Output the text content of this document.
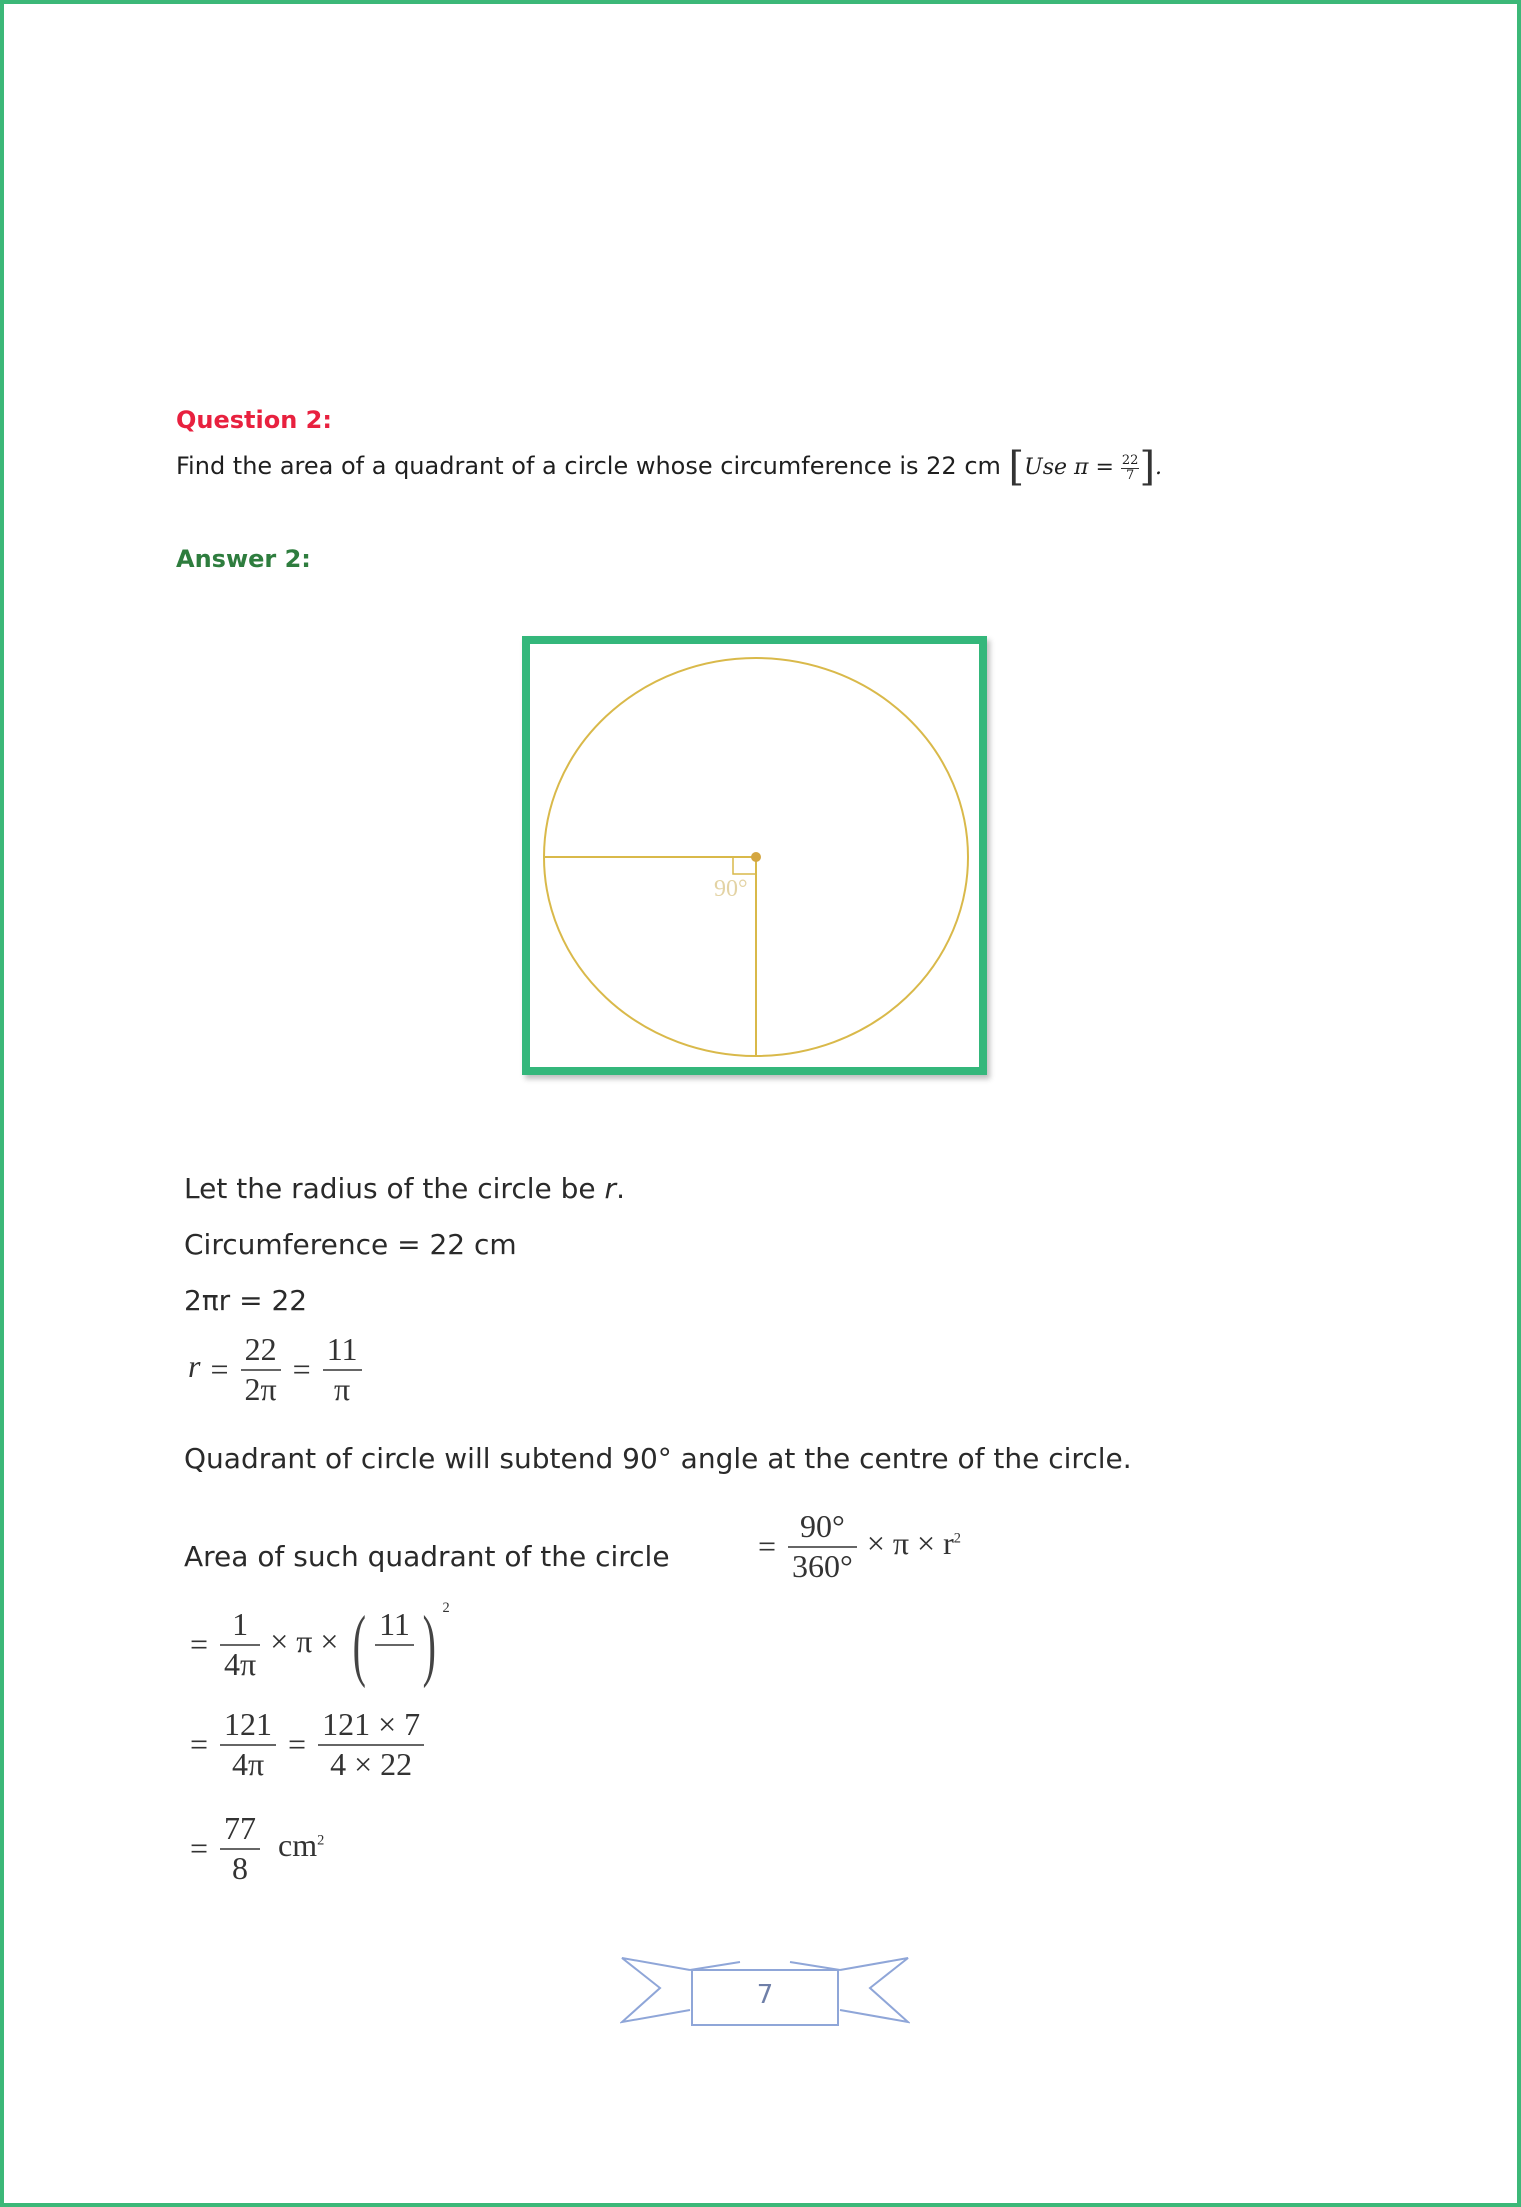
Question 2:
Find the area of a quadrant of a circle whose circumference is 22 cm [Use $\pi = \frac{22}{7}$ ].
Answer 2:
90°
Let the radius of the circle be r.
Circumference = 22 cm
2πr = 22
$r = \frac{22}{2\pi} = \frac{11}{\pi}$
Quadrant of circle will subtend 90° angle at the centre of the circle.
Area of such quadrant of the circle	= $\frac{90^\circ}{360^\circ} \times \pi \times r^2$
= $\frac{1}{4\pi} \times \pi$ × ( 11
) $^2$
= $\frac{121}{4\pi} = \frac{121 \times 7}{4 \times 22}$
= $\frac{77}{8} cm^2$
7
